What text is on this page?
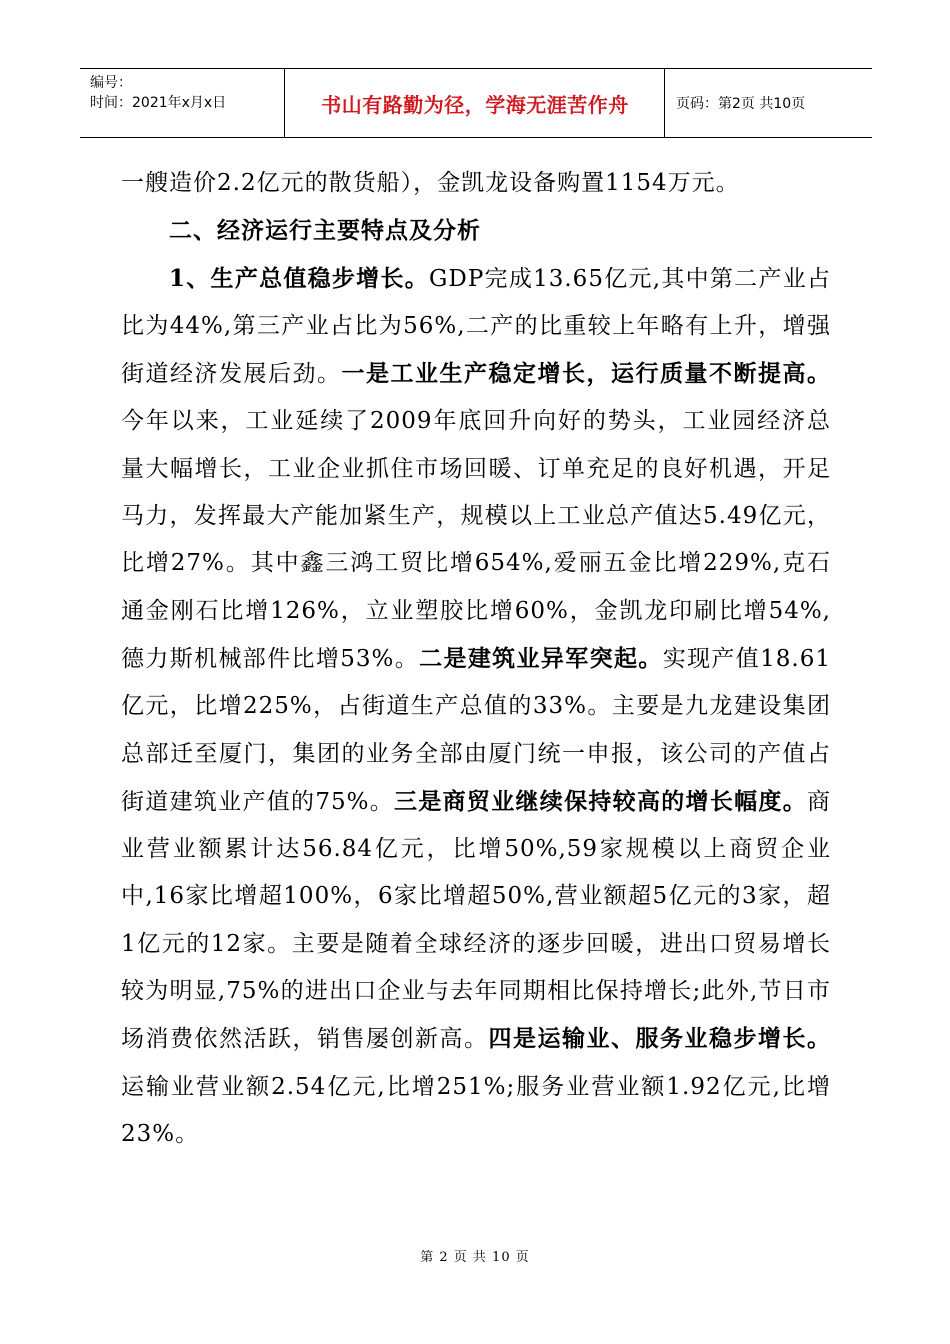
编号：
时间：2021年x月x日	书山有路勤为径，学海无涯苦作舟	页码：第2页 共10页

一艘造价2.2亿元的散货船），金凯龙设备购置1154万元。

二、经济运行主要特点及分析

1、生产总值稳步增长。GDP完成13.65亿元,其中第二产业占比为44%,第三产业占比为56%,二产的比重较上年略有上升，增强街道经济发展后劲。一是工业生产稳定增长，运行质量不断提高。今年以来，工业延续了2009年底回升向好的势头，工业园经济总量大幅增长，工业企业抓住市场回暖、订单充足的良好机遇，开足马力，发挥最大产能加紧生产，规模以上工业总产值达5.49亿元，比增27%。其中鑫三鸿工贸比增654%,爱丽五金比增229%,克石通金刚石比增126%，立业塑胶比增60%，金凯龙印刷比增54%,德力斯机械部件比增53%。二是建筑业异军突起。实现产值18.61亿元，比增225%，占街道生产总值的33%。主要是九龙建设集团总部迁至厦门，集团的业务全部由厦门统一申报，该公司的产值占街道建筑业产值的75%。三是商贸业继续保持较高的增长幅度。商业营业额累计达56.84亿元，比增50%,59家规模以上商贸企业中,16家比增超100%，6家比增超50%,营业额超5亿元的3家，超1亿元的12家。主要是随着全球经济的逐步回暖，进出口贸易增长较为明显,75%的进出口企业与去年同期相比保持增长;此外,节日市场消费依然活跃，销售屡创新高。四是运输业、服务业稳步增长。运输业营业额2.54亿元,比增251%;服务业营业额1.92亿元,比增23%。

第 2 页 共 10 页
